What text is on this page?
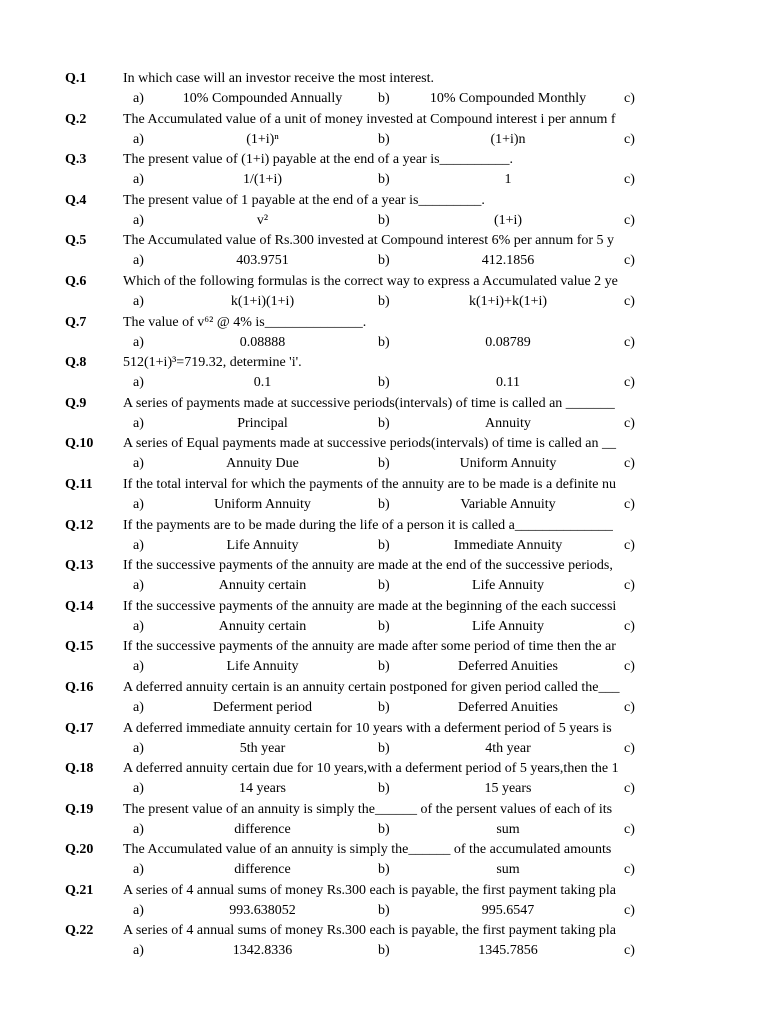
Q.1	In which case will an investor receive the most interest.
a)	10% Compounded Annually	b)	10% Compounded Monthly	c)
Q.2	The Accumulated value of a unit of money invested at Compound interest i per annum f
a)	(1+i)ⁿ	b)	(1+i)n	c)
Q.3	The present value of (1+i) payable at the end of a year is__________.
a)	1/(1+i)	b)	1	c)
Q.4	The present value of 1 payable at the end of a year is_________.
a)	v²	b)	(1+i)	c)
Q.5	The Accumulated value of Rs.300 invested at Compound interest 6% per annum for 5 y
a)	403.9751	b)	412.1856	c)
Q.6	Which of the following formulas is the correct way to express a Accumulated value 2 ye
a)	k(1+i)(1+i)	b)	k(1+i)+k(1+i)	c)
Q.7	The value of v⁶² @ 4% is______________.
a)	0.08888	b)	0.08789	c)
Q.8	512(1+i)³=719.32, determine 'i'.
a)	0.1	b)	0.11	c)
Q.9	A series of payments made at successive periods(intervals) of time is called an _______
a)	Principal	b)	Annuity	c)
Q.10 A series of Equal payments made at successive periods(intervals) of time is called an __
a)	Annuity Due	b)	Uniform Annuity	c)
Q.11 If the total interval for which the payments of the annuity are to be made is a definite nu
a)	Uniform Annuity	b)	Variable Annuity	c)
Q.12 If the payments are to be made during the life of a person it is called a______________
a)	Life Annuity	b)	Immediate Annuity	c)
Q.13 If the successive payments of the annuity are made at the end of the successive periods,
a)	Annuity certain	b)	Life Annuity	c)
Q.14 If the successive payments of the annuity are made at the beginning of the each successi
a)	Annuity certain	b)	Life Annuity	c)
Q.15 If the successive payments of the annuity are made after some period of time then the ar
a)	Life Annuity	b)	Deferred Anuities	c)
Q.16 A deferred annuity certain is an annuity certain postponed for given period called the___
a)	Deferment period	b)	Deferred Anuities	c)
Q.17 A deferred immediate annuity certain for 10 years with a deferment period of 5 years is
a)	5th year	b)	4th year	c)
Q.18 A deferred annuity certain due for 10 years,with a deferment period of 5 years,then the 1
a)	14 years	b)	15 years	c)
Q.19 The present value of an annuity is simply the______ of the persent values of each of its
a)	difference	b)	sum	c)
Q.20 The Accumulated value of an annuity is simply the______ of the accumulated amounts
a)	difference	b)	sum	c)
Q.21 A series of 4 annual sums of money Rs.300 each is payable, the first payment taking pla
a)	993.638052	b)	995.6547	c)
Q.22 A series of 4 annual sums of money Rs.300 each is payable, the first payment taking pla
a)	1342.8336	b)	1345.7856	c)
